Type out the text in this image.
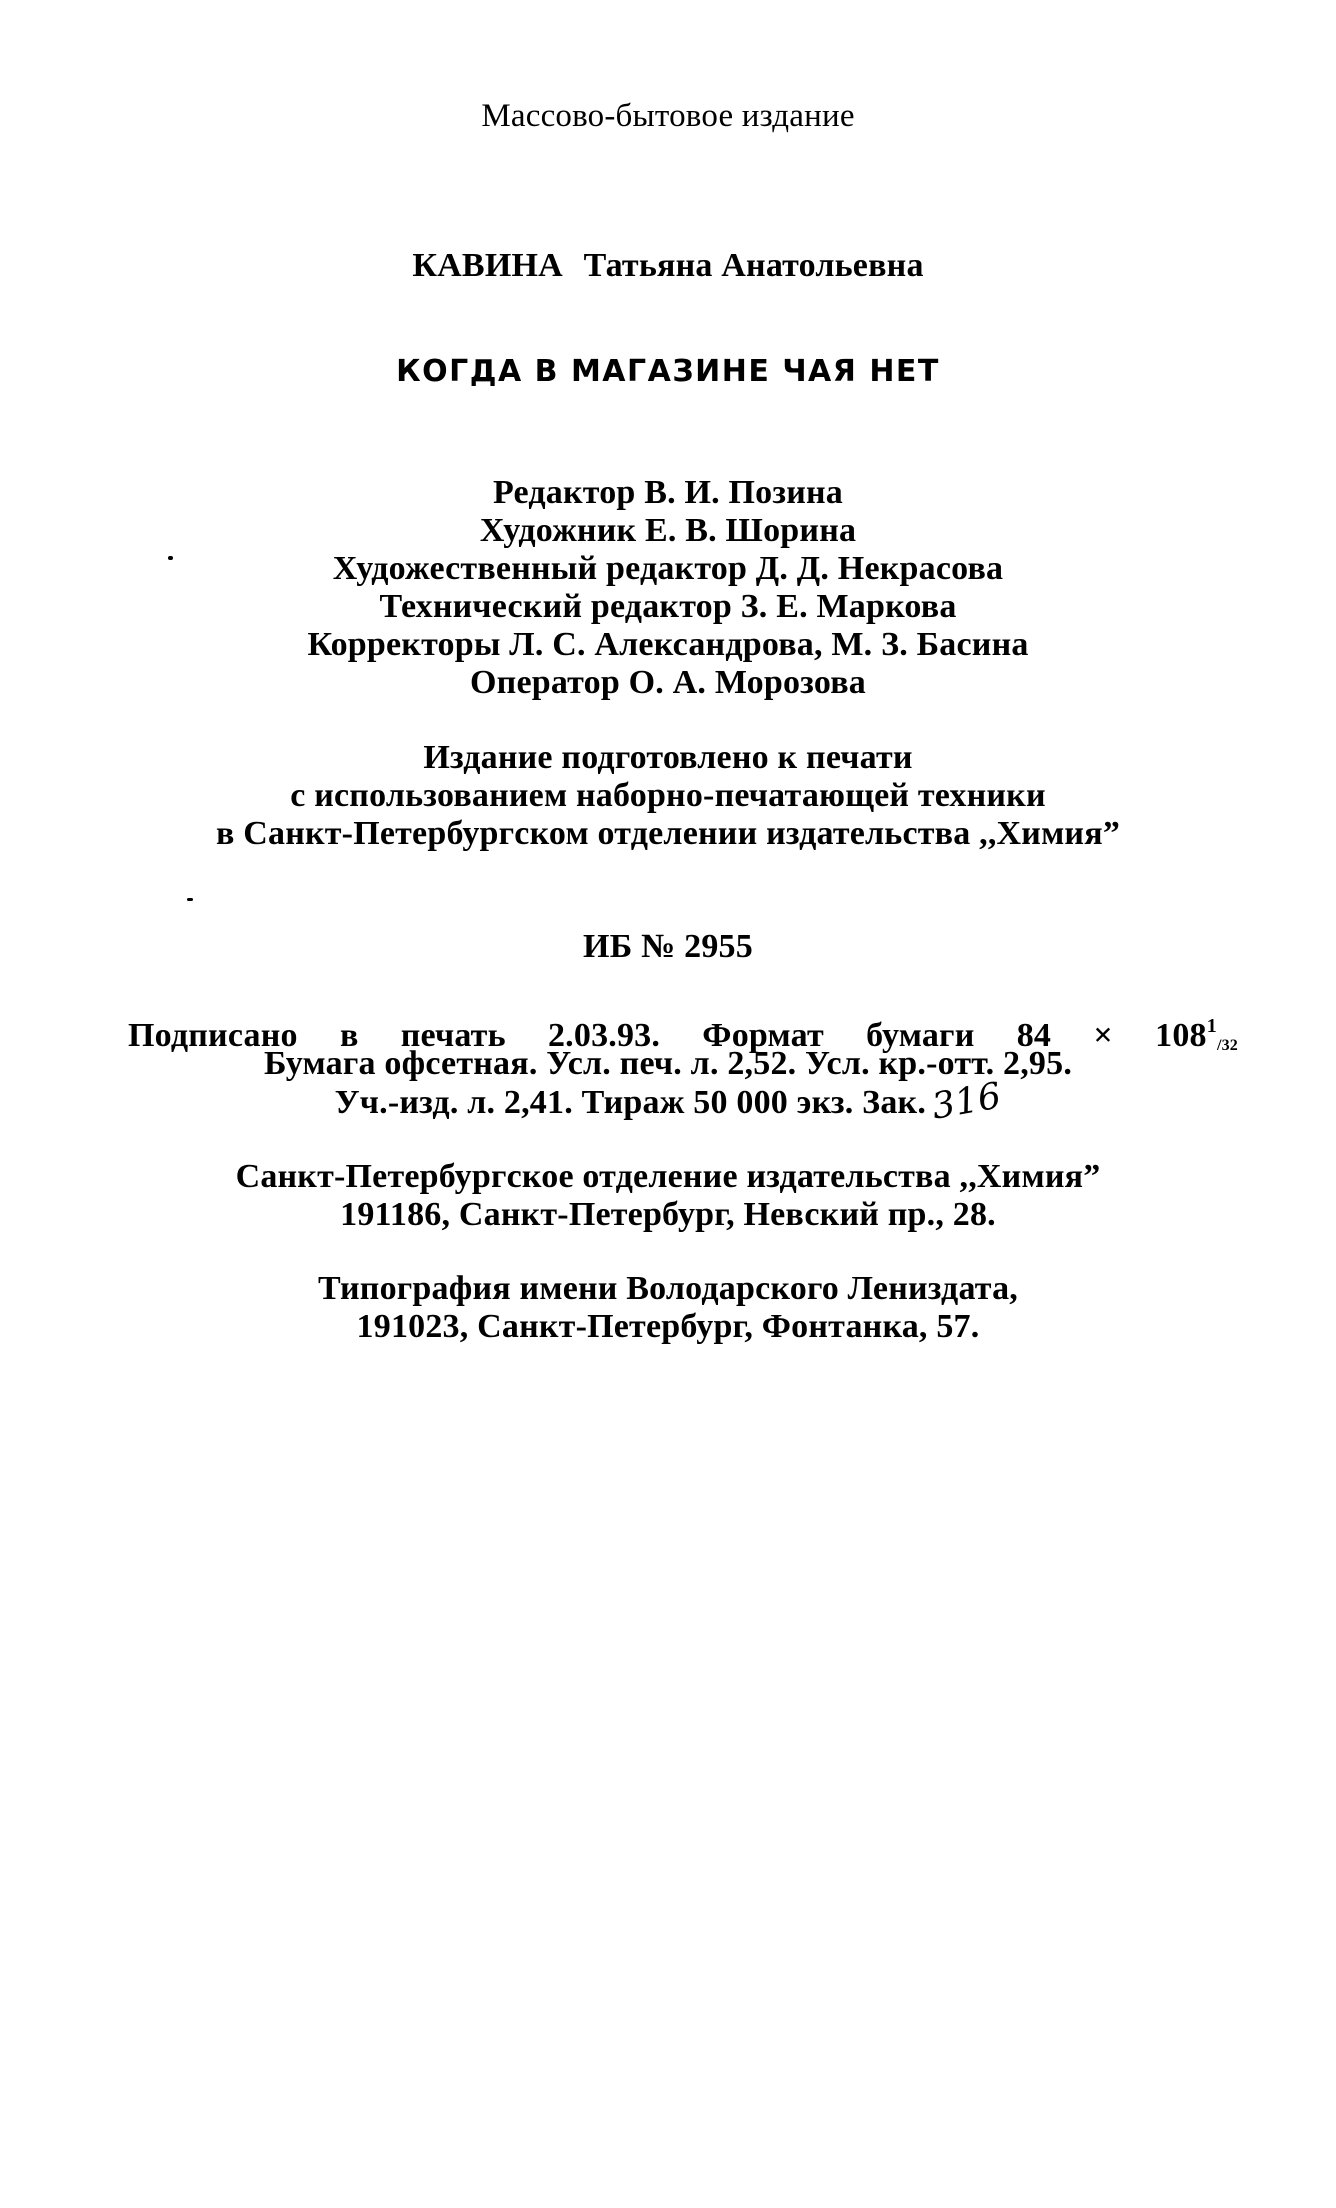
Массово-бытовое издание
КАВИНА Татьяна Анатольевна
КОГДА В МАГАЗИНЕ ЧАЯ НЕТ
Редактор В. И. Позина
Художник Е. В. Шорина
Художественный редактор Д. Д. Некрасова
Технический редактор З. Е. Маркова
Корректоры Л. С. Александрова, М. З. Басина
Оператор О. А. Морозова
Издание подготовлено к печати
с использованием наборно-печатающей техники
в Санкт-Петербургском отделении издательства ,,Химия”
ИБ № 2955
Подписано в печать 2.03.93. Формат бумаги $84 \times 108^1/32$
Бумага офсетная. Усл. печ. л. 2,52. Усл. кр.-отт. 2,95.
Уч.-изд. л. 2,41. Тираж 50 000 экз. Зак.316
Санкт-Петербургское отделение издательства ,,Химия”
191186, Санкт-Петербург, Невский пр., 28.
Типография имени Володарского Лениздата,
191023, Санкт-Петербург, Фонтанка, 57.
